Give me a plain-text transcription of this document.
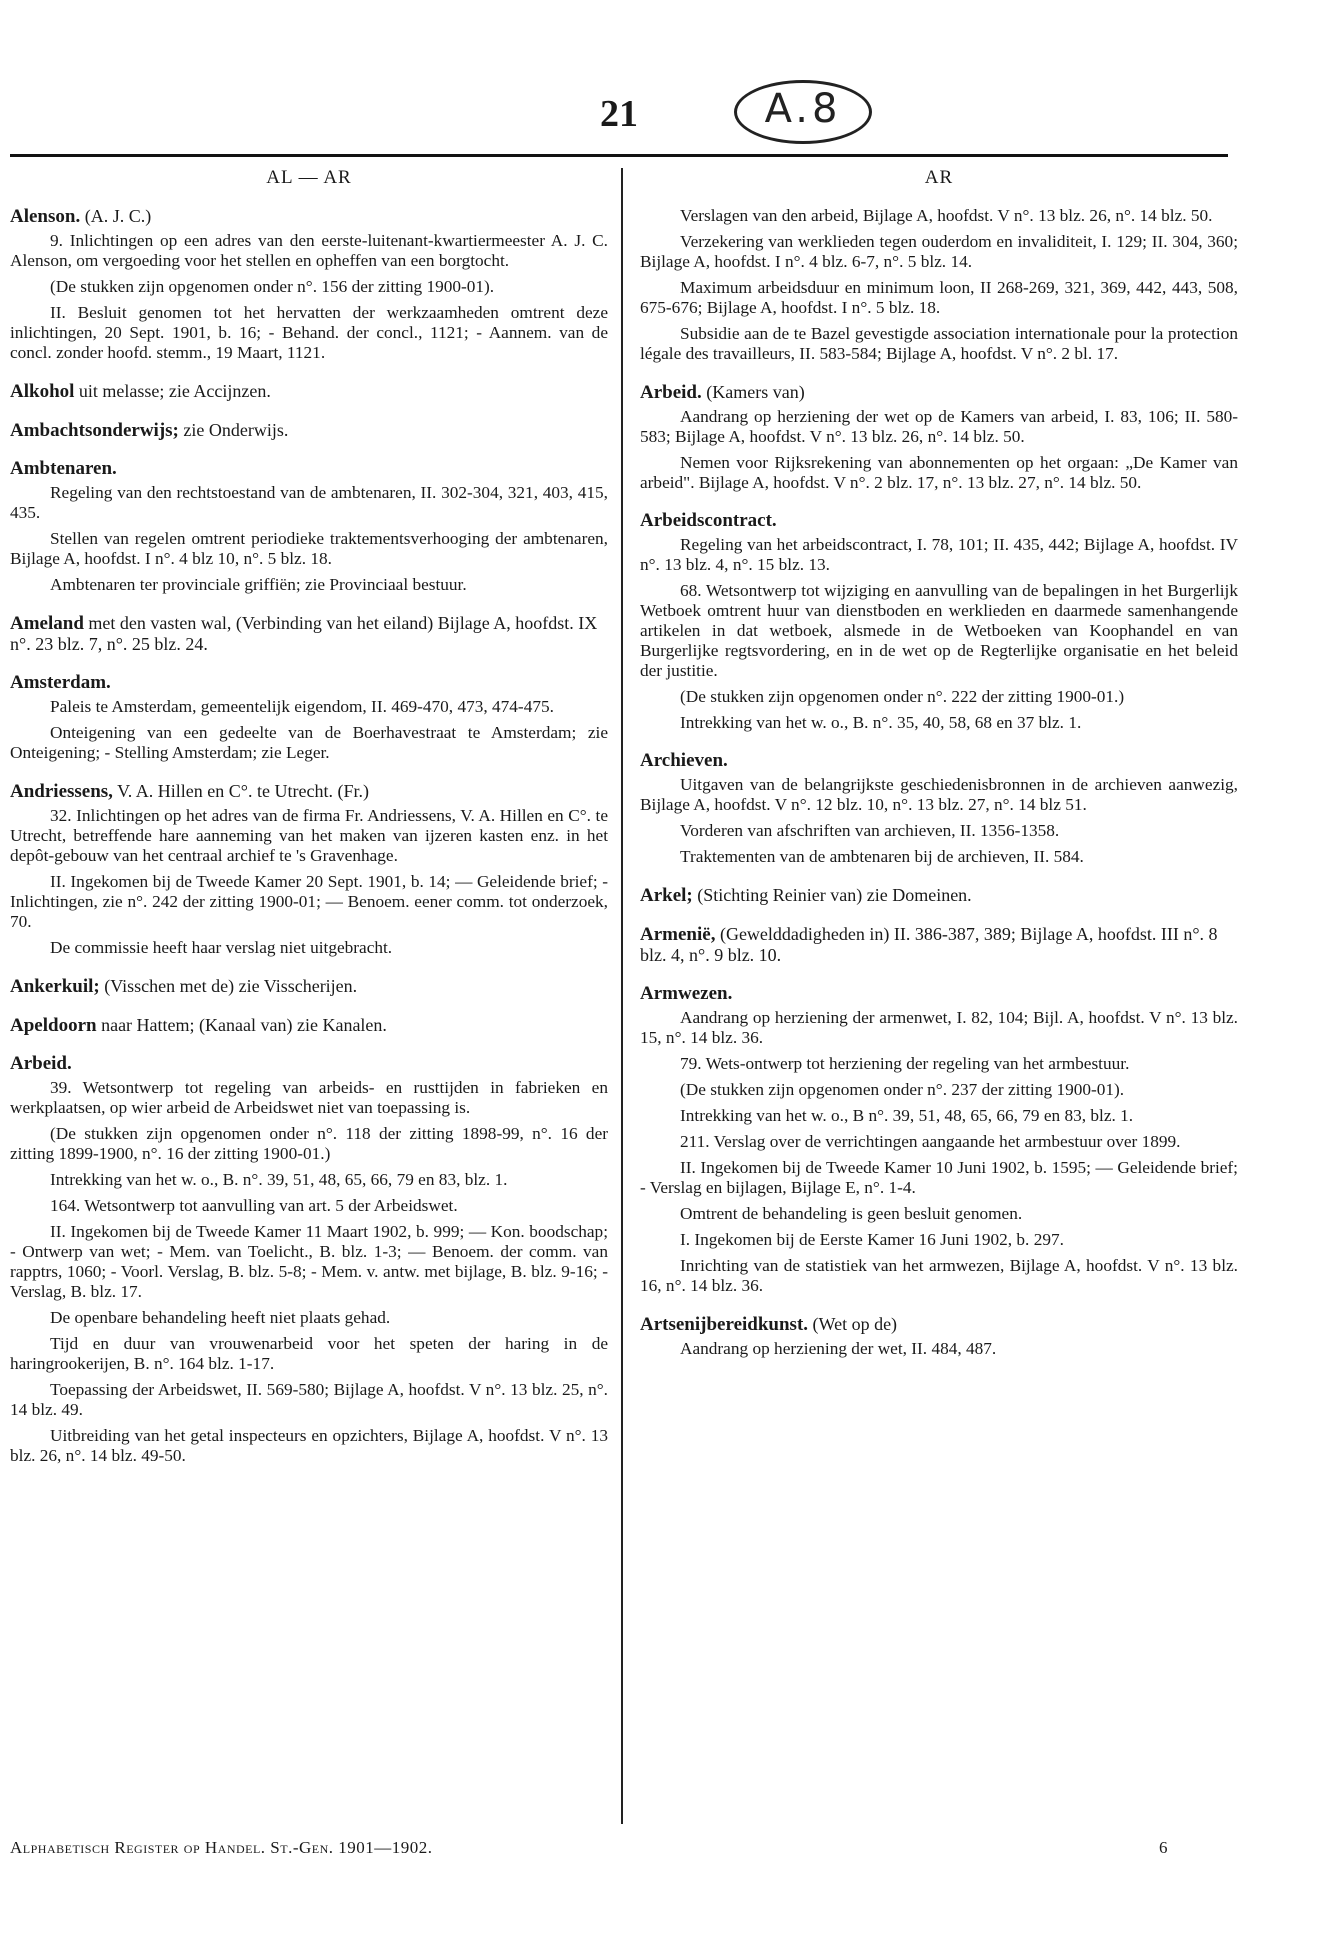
21	A.8
AL — AR
Alenson. (A. J. C.)
9. Inlichtingen op een adres van den eerste-luitenant-kwartiermeester A. J. C. Alenson, om vergoeding voor het stellen en opheffen van een borgtocht.
(De stukken zijn opgenomen onder n°. 156 der zitting 1900-01).
II. Besluit genomen tot het hervatten der werkzaamheden omtrent deze inlichtingen, 20 Sept. 1901, b. 16; - Behand. der concl., 1121; - Aannem. van de concl. zonder hoofd. stemm., 19 Maart, 1121.
Alkohol uit melasse; zie Accijnzen.
Ambachtsonderwijs; zie Onderwijs.
Ambtenaren.
Regeling van den rechtstoestand van de ambtenaren, II. 302-304, 321, 403, 415, 435.
Stellen van regelen omtrent periodieke traktementsverhooging der ambtenaren, Bijlage A, hoofdst. I n°. 4 blz 10, n°. 5 blz. 18.
Ambtenaren ter provinciale griffiën; zie Provinciaal bestuur.
Ameland met den vasten wal, (Verbinding van het eiland) Bijlage A, hoofdst. IX n°. 23 blz. 7, n°. 25 blz. 24.
Amsterdam.
Paleis te Amsterdam, gemeentelijk eigendom, II. 469-470, 473, 474-475.
Onteigening van een gedeelte van de Boerhavestraat te Amsterdam; zie Onteigening; - Stelling Amsterdam; zie Leger.
Andriessens, V. A. Hillen en C°. te Utrecht. (Fr.)
32. Inlichtingen op het adres van de firma Fr. Andriessens, V. A. Hillen en C°. te Utrecht, betreffende hare aanneming van het maken van ijzeren kasten enz. in het depôt-gebouw van het centraal archief te 's Gravenhage.
II. Ingekomen bij de Tweede Kamer 20 Sept. 1901, b. 14; — Geleidende brief; - Inlichtingen, zie n°. 242 der zitting 1900-01; — Benoem. eener comm. tot onderzoek, 70.
De commissie heeft haar verslag niet uitgebracht.
Ankerkuil; (Visschen met de) zie Visscherijen.
Apeldoorn naar Hattem; (Kanaal van) zie Kanalen.
Arbeid.
39. Wetsontwerp tot regeling van arbeids- en rusttijden in fabrieken en werkplaatsen, op wier arbeid de Arbeidswet niet van toepassing is.
(De stukken zijn opgenomen onder n°. 118 der zitting 1898-99, n°. 16 der zitting 1899-1900, n°. 16 der zitting 1900-01.)
Intrekking van het w. o., B. n°. 39, 51, 48, 65, 66, 79 en 83, blz. 1.
164. Wetsontwerp tot aanvulling van art. 5 der Arbeidswet.
II. Ingekomen bij de Tweede Kamer 11 Maart 1902, b. 999; — Kon. boodschap; - Ontwerp van wet; - Mem. van Toelicht., B. blz. 1-3; — Benoem. der comm. van rapptrs, 1060; - Voorl. Verslag, B. blz. 5-8; - Mem. v. antw. met bijlage, B. blz. 9-16; - Verslag, B. blz. 17.
De openbare behandeling heeft niet plaats gehad.
Tijd en duur van vrouwenarbeid voor het speten der haring in de haringrookerijen, B. n°. 164 blz. 1-17.
Toepassing der Arbeidswet, II. 569-580; Bijlage A, hoofdst. V n°. 13 blz. 25, n°. 14 blz. 49.
Uitbreiding van het getal inspecteurs en opzichters, Bijlage A, hoofdst. V n°. 13 blz. 26, n°. 14 blz. 49-50.
AR
Verslagen van den arbeid, Bijlage A, hoofdst. V n°. 13 blz. 26, n°. 14 blz. 50.
Verzekering van werklieden tegen ouderdom en invaliditeit, I. 129; II. 304, 360; Bijlage A, hoofdst. I n°. 4 blz. 6-7, n°. 5 blz. 14.
Maximum arbeidsduur en minimum loon, II 268-269, 321, 369, 442, 443, 508, 675-676; Bijlage A, hoofdst. I n°. 5 blz. 18.
Subsidie aan de te Bazel gevestigde association internationale pour la protection légale des travailleurs, II. 583-584; Bijlage A, hoofdst. V n°. 2 bl. 17.
Arbeid. (Kamers van)
Aandrang op herziening der wet op de Kamers van arbeid, I. 83, 106; II. 580-583; Bijlage A, hoofdst. V n°. 13 blz. 26, n°. 14 blz. 50.
Nemen voor Rijksrekening van abonnementen op het orgaan: „De Kamer van arbeid". Bijlage A, hoofdst. V n°. 2 blz. 17, n°. 13 blz. 27, n°. 14 blz. 50.
Arbeidscontract.
Regeling van het arbeidscontract, I. 78, 101; II. 435, 442; Bijlage A, hoofdst. IV n°. 13 blz. 4, n°. 15 blz. 13.
68. Wetsontwerp tot wijziging en aanvulling van de bepalingen in het Burgerlijk Wetboek omtrent huur van dienstboden en werklieden en daarmede samenhangende artikelen in dat wetboek, alsmede in de Wetboeken van Koophandel en van Burgerlijke regtsvordering, en in de wet op de Regterlijke organisatie en het beleid der justitie.
(De stukken zijn opgenomen onder n°. 222 der zitting 1900-01.)
Intrekking van het w. o., B. n°. 35, 40, 58, 68 en 37 blz. 1.
Archieven.
Uitgaven van de belangrijkste geschiedenisbronnen in de archieven aanwezig, Bijlage A, hoofdst. V n°. 12 blz. 10, n°. 13 blz. 27, n°. 14 blz 51.
Vorderen van afschriften van archieven, II. 1356-1358.
Traktementen van de ambtenaren bij de archieven, II. 584.
Arkel; (Stichting Reinier van) zie Domeinen.
Armenië, (Gewelddadigheden in) II. 386-387, 389; Bijlage A, hoofdst. III n°. 8 blz. 4, n°. 9 blz. 10.
Armwezen.
Aandrang op herziening der armenwet, I. 82, 104; Bijl. A, hoofdst. V n°. 13 blz. 15, n°. 14 blz. 36.
79. Wets-ontwerp tot herziening der regeling van het armbestuur.
(De stukken zijn opgenomen onder n°. 237 der zitting 1900-01).
Intrekking van het w. o., B n°. 39, 51, 48, 65, 66, 79 en 83, blz. 1.
211. Verslag over de verrichtingen aangaande het armbestuur over 1899.
II. Ingekomen bij de Tweede Kamer 10 Juni 1902, b. 1595; — Geleidende brief; - Verslag en bijlagen, Bijlage E, n°. 1-4.
Omtrent de behandeling is geen besluit genomen.
I. Ingekomen bij de Eerste Kamer 16 Juni 1902, b. 297.
Inrichting van de statistiek van het armwezen, Bijlage A, hoofdst. V n°. 13 blz. 16, n°. 14 blz. 36.
Artsenijbereidkunst. (Wet op de)
Aandrang op herziening der wet, II. 484, 487.
Alphabetisch Register op Handel. St.-Gen. 1901—1902.	6
